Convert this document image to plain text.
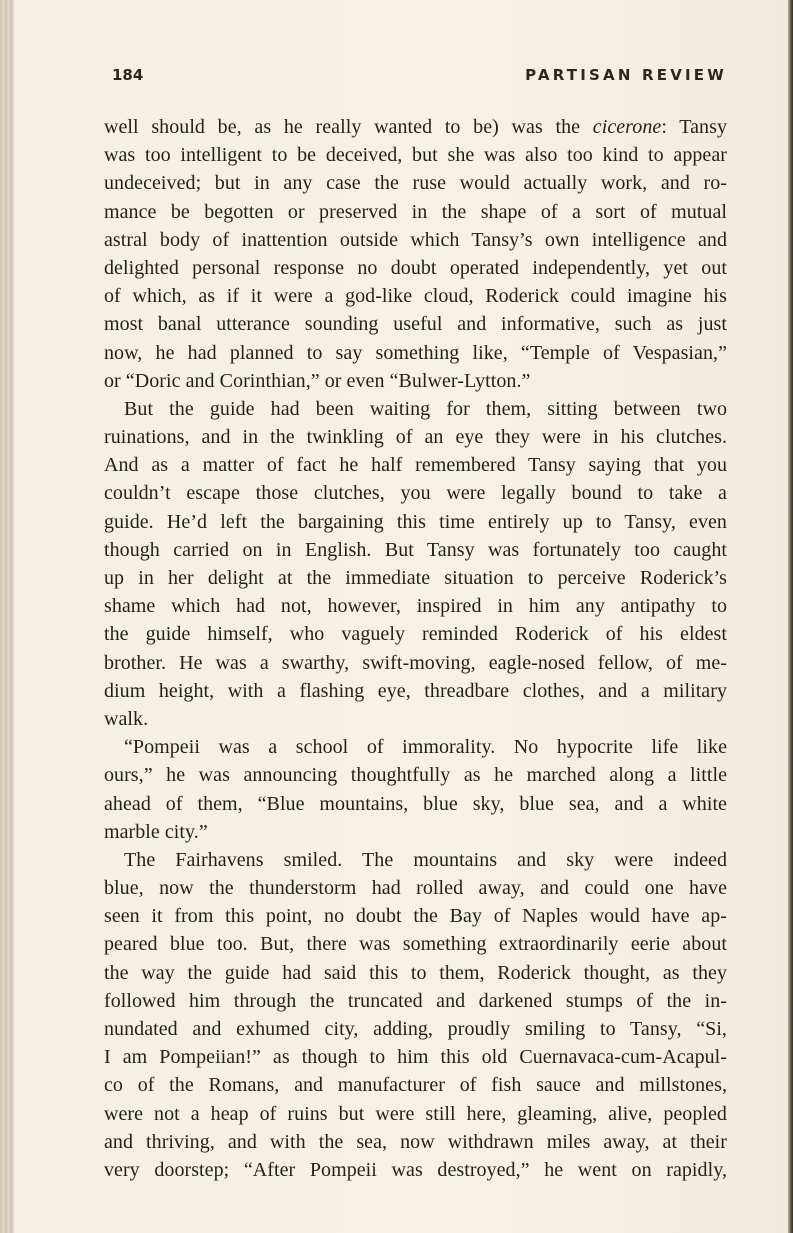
184	PARTISAN REVIEW
well should be, as he really wanted to be) was the cicerone: Tansy
was too intelligent to be deceived, but she was also too kind to appear
undeceived; but in any case the ruse would actually work, and ro-
mance be begotten or preserved in the shape of a sort of mutual
astral body of inattention outside which Tansy’s own intelligence and
delighted personal response no doubt operated independently, yet out
of which, as if it were a god-like cloud, Roderick could imagine his
most banal utterance sounding useful and informative, such as just
now, he had planned to say something like, “Temple of Vespasian,”
or “Doric and Corinthian,” or even “Bulwer-Lytton.”
But the guide had been waiting for them, sitting between two
ruinations, and in the twinkling of an eye they were in his clutches.
And as a matter of fact he half remembered Tansy saying that you
couldn’t escape those clutches, you were legally bound to take a
guide. He’d left the bargaining this time entirely up to Tansy, even
though carried on in English. But Tansy was fortunately too caught
up in her delight at the immediate situation to perceive Roderick’s
shame which had not, however, inspired in him any antipathy to
the guide himself, who vaguely reminded Roderick of his eldest
brother. He was a swarthy, swift-moving, eagle-nosed fellow, of me-
dium height, with a flashing eye, threadbare clothes, and a military
walk.
“Pompeii was a school of immorality. No hypocrite life like
ours,” he was announcing thoughtfully as he marched along a little
ahead of them, “Blue mountains, blue sky, blue sea, and a white
marble city.”
The Fairhavens smiled. The mountains and sky were indeed
blue, now the thunderstorm had rolled away, and could one have
seen it from this point, no doubt the Bay of Naples would have ap-
peared blue too. But, there was something extraordinarily eerie about
the way the guide had said this to them, Roderick thought, as they
followed him through the truncated and darkened stumps of the in-
nundated and exhumed city, adding, proudly smiling to Tansy, “Si,
I am Pompeiian!” as though to him this old Cuernavaca-cum-Acapul-
co of the Romans, and manufacturer of fish sauce and millstones,
were not a heap of ruins but were still here, gleaming, alive, peopled
and thriving, and with the sea, now withdrawn miles away, at their
very doorstep; “After Pompeii was destroyed,” he went on rapidly,
